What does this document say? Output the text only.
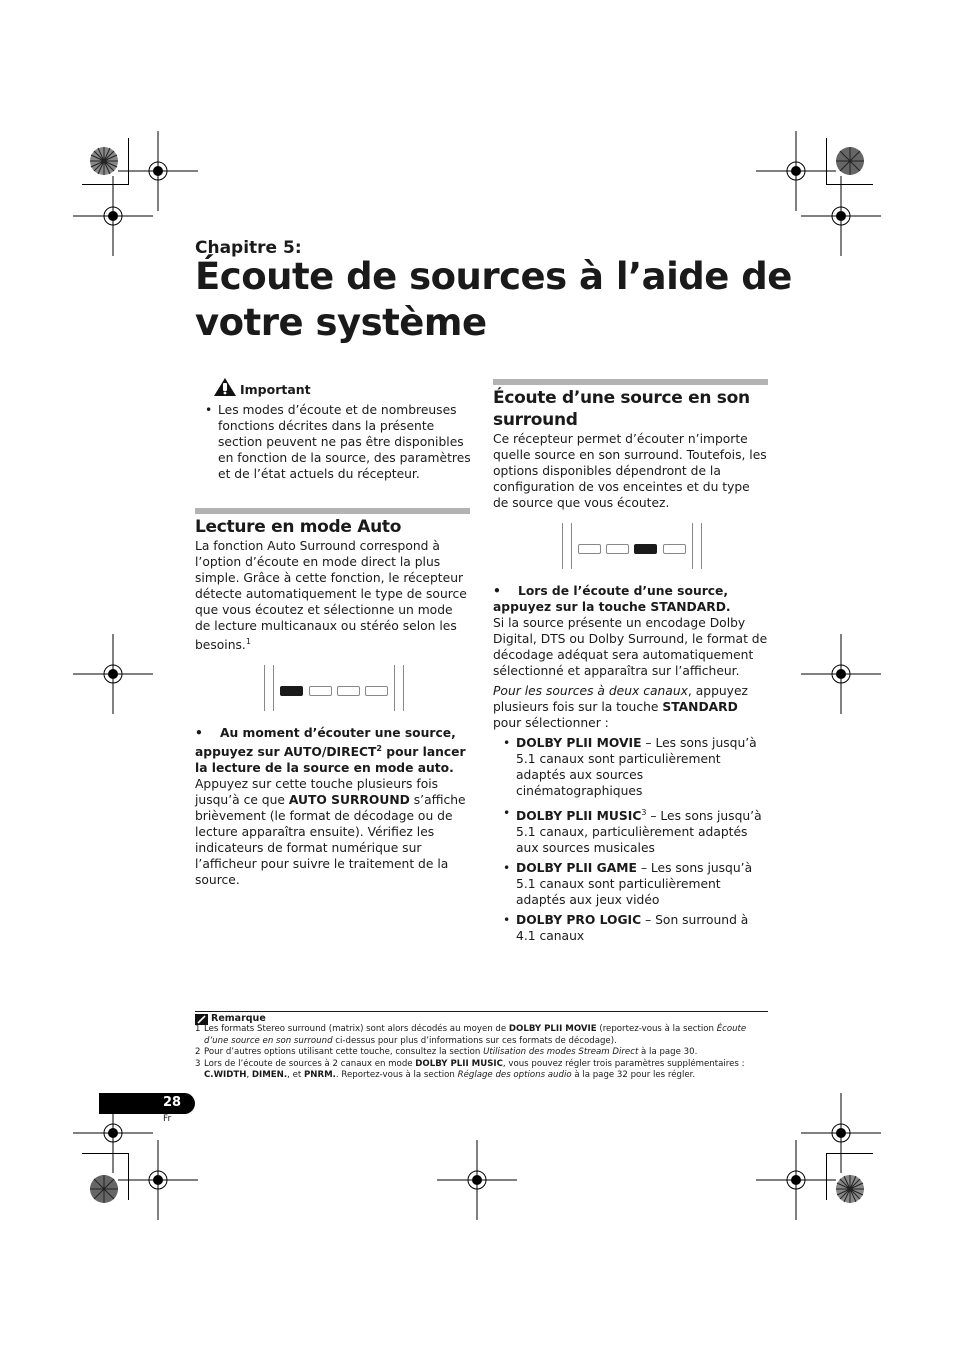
Chapitre 5:
Écoute de sources à l’aide de
votre système
Important
• Les modes d’écoute et de nombreuses fonctions décrites dans la présente section peuvent ne pas être disponibles en fonction de la source, des paramètres et de l’état actuels du récepteur.
Lecture en mode Auto

La fonction Auto Surround correspond à l’option d’écoute en mode direct la plus simple. Grâce à cette fonction, le récepteur détecte automatiquement le type de source que vous écoutez et sélectionne un mode de lecture multicanaux ou stéréo selon les besoins.$^1$

•    Au moment d’écouter une source, appuyez sur AUTO/DIRECT$^2$ pour lancer la lecture de la source en mode auto.

Appuyez sur cette touche plusieurs fois jusqu’à ce que AUTO SURROUND s’affiche brièvement (le format de décodage ou de lecture apparaîtra ensuite). Vérifiez les indicateurs de format numérique sur l’afficheur pour suivre le traitement de la source.

Écoute d’une source en son surround

Ce récepteur permet d’écouter n’importe quelle source en son surround. Toutefois, les options disponibles dépendront de la configuration de vos enceintes et du type de source que vous écoutez.

•    Lors de l’écoute d’une source, appuyez sur la touche STANDARD.

Si la source présente un encodage Dolby Digital, DTS ou Dolby Surround, le format de décodage adéquat sera automatiquement sélectionné et apparaîtra sur l’afficheur.

Pour les sources à deux canaux, appuyez plusieurs fois sur la touche STANDARD pour sélectionner :

• DOLBY PLII MOVIE – Les sons jusqu’à 5.1 canaux sont particulièrement adaptés aux sources cinématographiques
• DOLBY PLII MUSIC$^3$ – Les sons jusqu’à 5.1 canaux, particulièrement adaptés aux sources musicales
• DOLBY PLII GAME – Les sons jusqu’à 5.1 canaux sont particulièrement adaptés aux jeux vidéo
• DOLBY PRO LOGIC – Son surround à 4.1 canaux
Remarque
1 Les formats Stereo surround (matrix) sont alors décodés au moyen de DOLBY PLII MOVIE (reportez-vous à la section Écoute d’une source en son surround ci-dessus pour plus d’informations sur ces formats de décodage).
2 Pour d’autres options utilisant cette touche, consultez la section Utilisation des modes Stream Direct à la page 30.
3 Lors de l’écoute de sources à 2 canaux en mode DOLBY PLII MUSIC, vous pouvez régler trois paramètres supplémentaires : C.WIDTH, DIMEN., et PNRM.. Reportez-vous à la section Réglage des options audio à la page 32 pour les régler.
28
Fr
